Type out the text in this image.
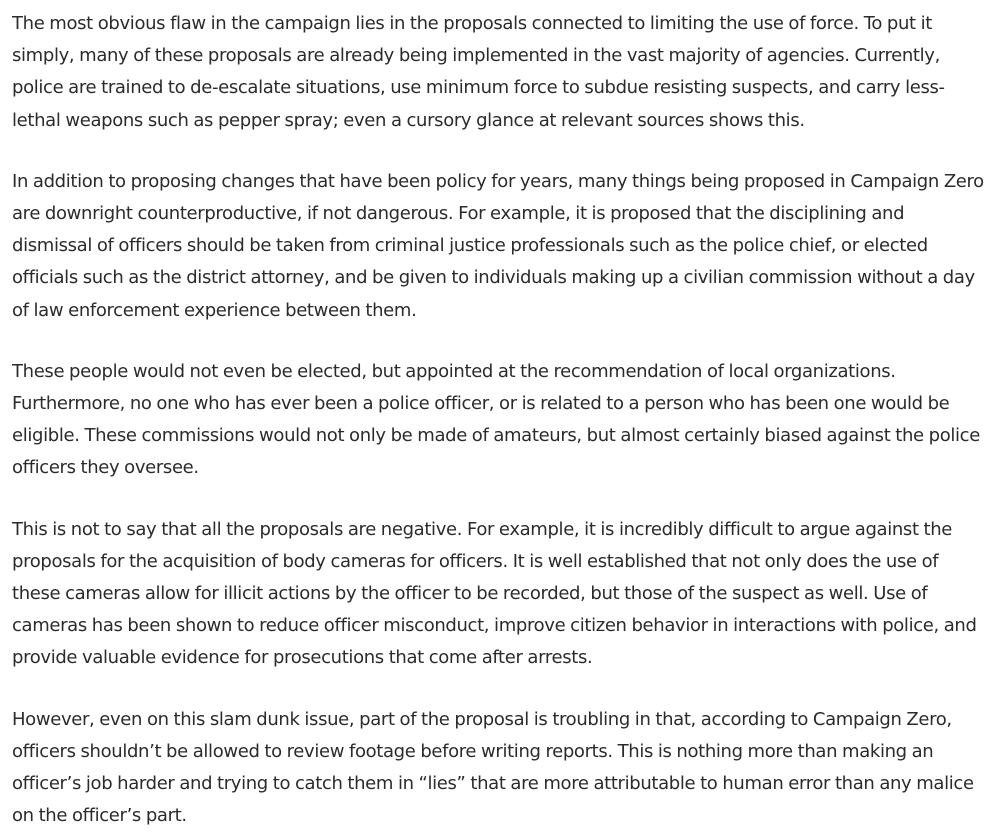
The most obvious flaw in the campaign lies in the proposals connected to limiting the use of force. To put it simply, many of these proposals are already being implemented in the vast majority of agencies. Currently, police are trained to de-escalate situations, use minimum force to subdue resisting suspects, and carry less-lethal weapons such as pepper spray; even a cursory glance at relevant sources shows this.

In addition to proposing changes that have been policy for years, many things being proposed in Campaign Zero are downright counterproductive, if not dangerous. For example, it is proposed that the disciplining and dismissal of officers should be taken from criminal justice professionals such as the police chief, or elected officials such as the district attorney, and be given to individuals making up a civilian commission without a day of law enforcement experience between them.

These people would not even be elected, but appointed at the recommendation of local organizations. Furthermore, no one who has ever been a police officer, or is related to a person who has been one would be eligible. These commissions would not only be made of amateurs, but almost certainly biased against the police officers they oversee.

This is not to say that all the proposals are negative. For example, it is incredibly difficult to argue against the proposals for the acquisition of body cameras for officers. It is well established that not only does the use of these cameras allow for illicit actions by the officer to be recorded, but those of the suspect as well. Use of cameras has been shown to reduce officer misconduct, improve citizen behavior in interactions with police, and provide valuable evidence for prosecutions that come after arrests.

However, even on this slam dunk issue, part of the proposal is troubling in that, according to Campaign Zero, officers shouldn’t be allowed to review footage before writing reports. This is nothing more than making an officer’s job harder and trying to catch them in “lies” that are more attributable to human error than any malice on the officer’s part.
